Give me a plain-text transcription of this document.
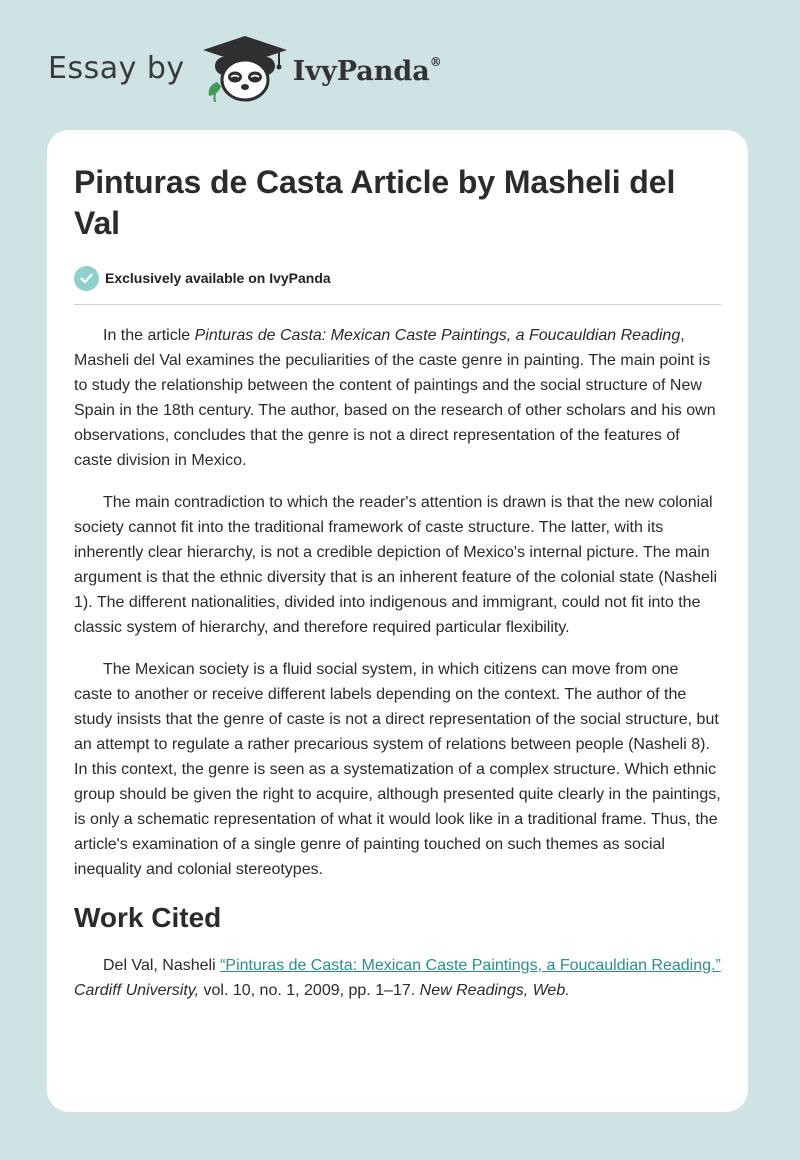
Essay by	IvyPanda®
Pinturas de Casta Article by Masheli del Val
Exclusively available on IvyPanda

In the article Pinturas de Casta: Mexican Caste Paintings, a Foucauldian Reading, Masheli del Val examines the peculiarities of the caste genre in painting. The main point is to study the relationship between the content of paintings and the social structure of New Spain in the 18th century. The author, based on the research of other scholars and his own observations, concludes that the genre is not a direct representation of the features of caste division in Mexico.

The main contradiction to which the reader's attention is drawn is that the new colonial society cannot fit into the traditional framework of caste structure. The latter, with its inherently clear hierarchy, is not a credible depiction of Mexico's internal picture. The main argument is that the ethnic diversity that is an inherent feature of the colonial state (Nasheli 1). The different nationalities, divided into indigenous and immigrant, could not fit into the classic system of hierarchy, and therefore required particular flexibility.

The Mexican society is a fluid social system, in which citizens can move from one caste to another or receive different labels depending on the context. The author of the study insists that the genre of caste is not a direct representation of the social structure, but an attempt to regulate a rather precarious system of relations between people (Nasheli 8). In this context, the genre is seen as a systematization of a complex structure. Which ethnic group should be given the right to acquire, although presented quite clearly in the paintings, is only a schematic representation of what it would look like in a traditional frame. Thus, the article's examination of a single genre of painting touched on such themes as social inequality and colonial stereotypes.

Work Cited

Del Val, Nasheli “Pinturas de Casta: Mexican Caste Paintings, a Foucauldian Reading.” Cardiff University, vol. 10, no. 1, 2009, pp. 1–17. New Readings, Web.
